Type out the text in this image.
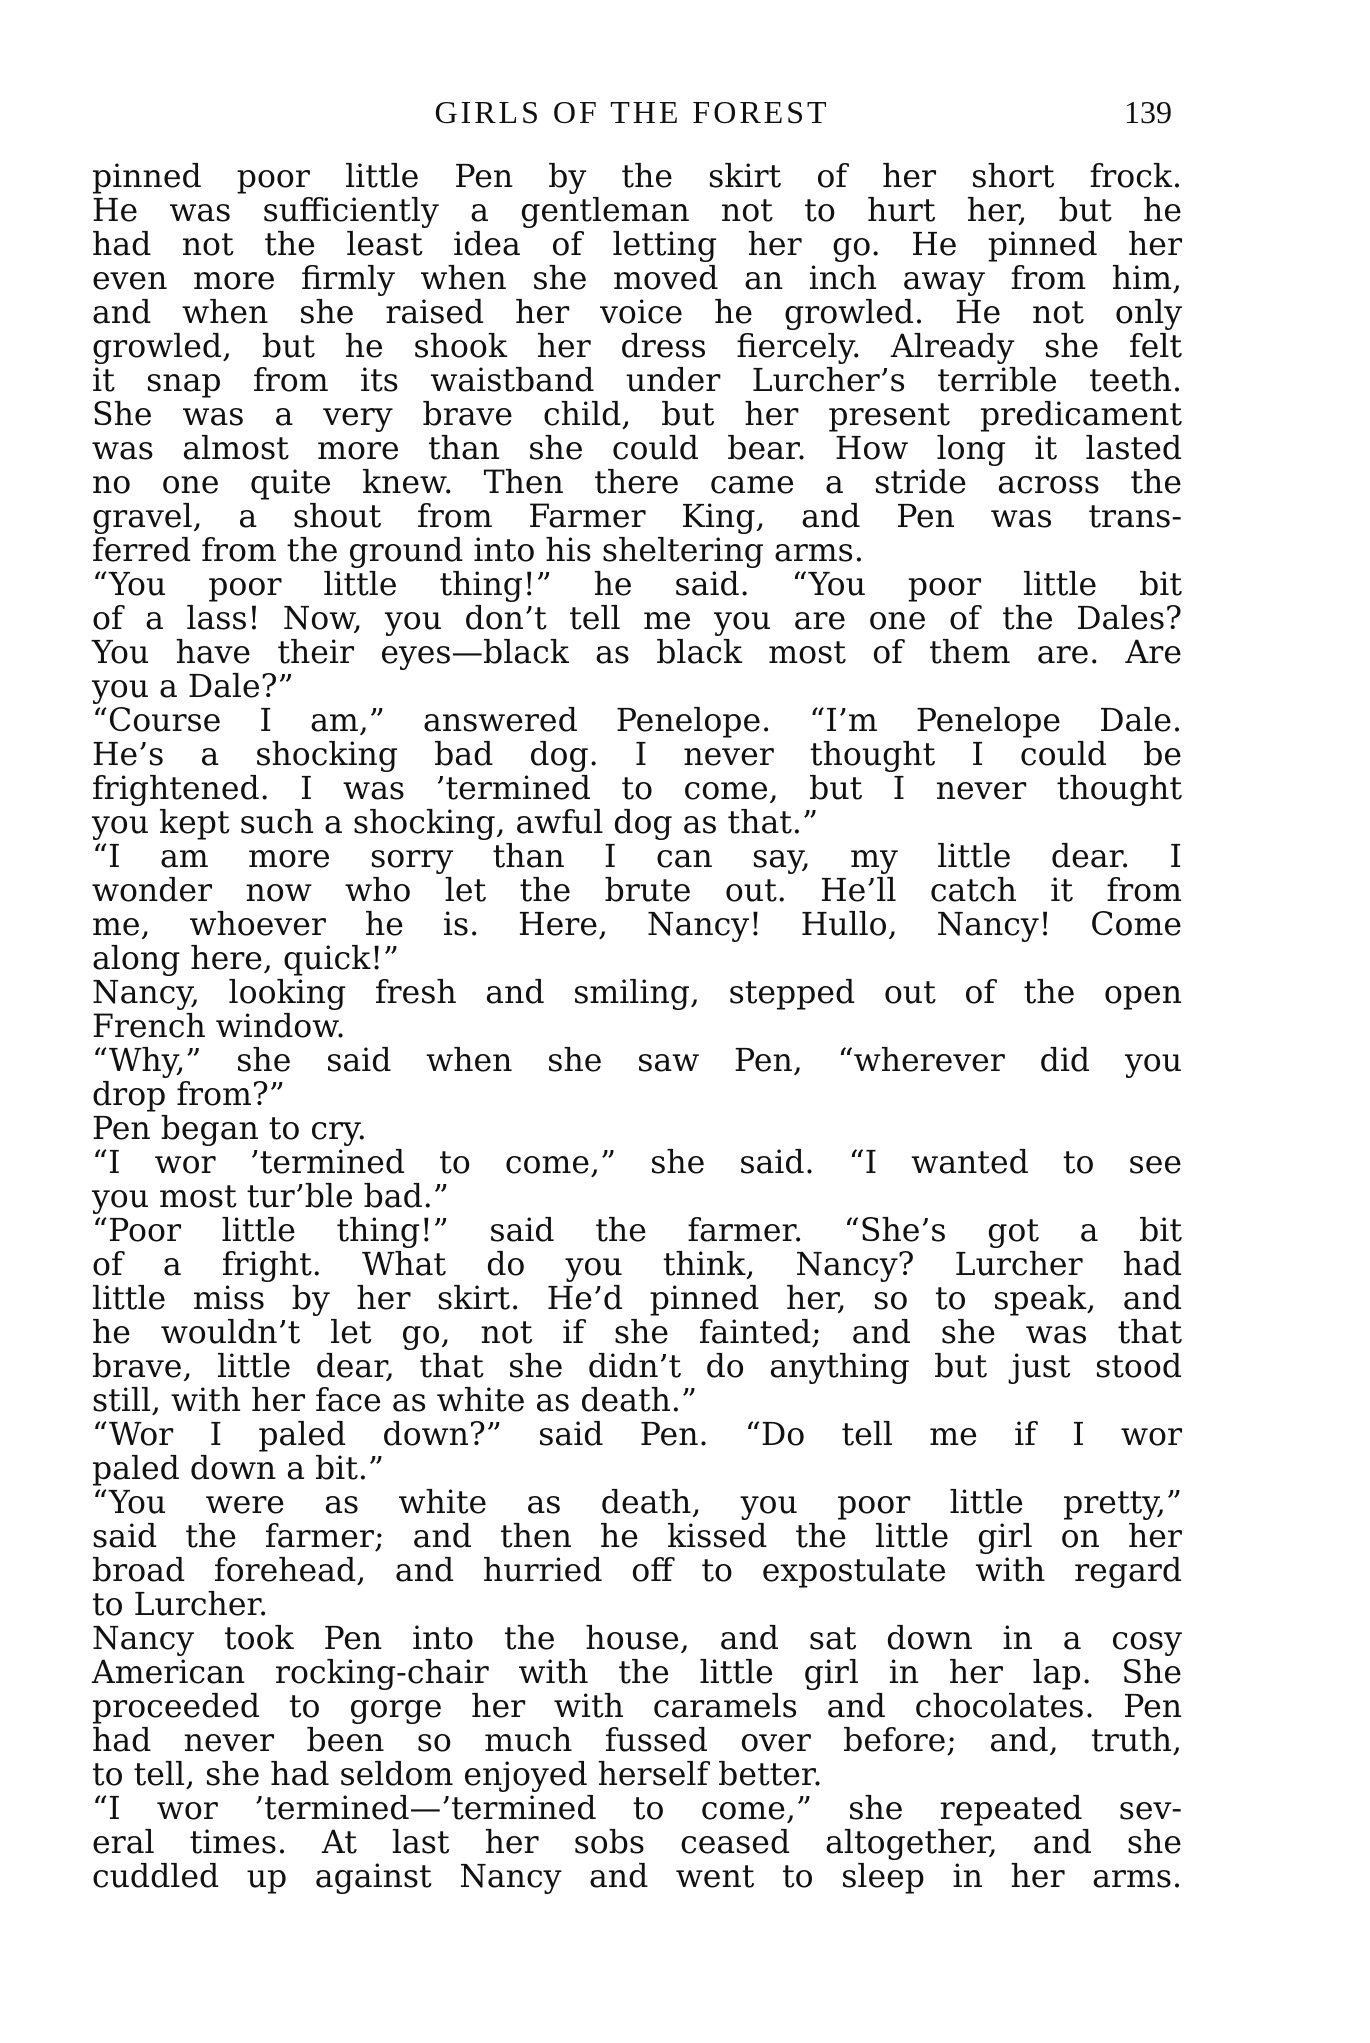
GIRLS OF THE FOREST	139
pinned poor little Pen by the skirt of her short frock.
He was sufficiently a gentleman not to hurt her, but he
had not the least idea of letting her go. He pinned her
even more firmly when she moved an inch away from him,
and when she raised her voice he growled. He not only
growled, but he shook her dress fiercely. Already she felt
it snap from its waistband under Lurcher’s terrible teeth.
She was a very brave child, but her present predicament
was almost more than she could bear. How long it lasted
no one quite knew. Then there came a stride across the
gravel, a shout from Farmer King, and Pen was trans-
ferred from the ground into his sheltering arms.
“You poor little thing!” he said. “You poor little bit
of a lass! Now, you don’t tell me you are one of the Dales?
You have their eyes—black as black most of them are. Are
you a Dale?”
“Course I am,” answered Penelope. “I’m Penelope Dale.
He’s a shocking bad dog. I never thought I could be
frightened. I was ’termined to come, but I never thought
you kept such a shocking, awful dog as that.”
“I am more sorry than I can say, my little dear. I
wonder now who let the brute out. He’ll catch it from
me, whoever he is. Here, Nancy! Hullo, Nancy! Come
along here, quick!”
Nancy, looking fresh and smiling, stepped out of the open
French window.
“Why,” she said when she saw Pen, “wherever did you
drop from?”
Pen began to cry.
“I wor ’termined to come,” she said. “I wanted to see
you most tur’ble bad.”
“Poor little thing!” said the farmer. “She’s got a bit
of a fright. What do you think, Nancy? Lurcher had
little miss by her skirt. He’d pinned her, so to speak, and
he wouldn’t let go, not if she fainted; and she was that
brave, little dear, that she didn’t do anything but just stood
still, with her face as white as death.”
“Wor I paled down?” said Pen. “Do tell me if I wor
paled down a bit.”
“You were as white as death, you poor little pretty,”
said the farmer; and then he kissed the little girl on her
broad forehead, and hurried off to expostulate with regard
to Lurcher.
Nancy took Pen into the house, and sat down in a cosy
American rocking-chair with the little girl in her lap. She
proceeded to gorge her with caramels and chocolates. Pen
had never been so much fussed over before; and, truth,
to tell, she had seldom enjoyed herself better.
“I wor ’termined—’termined to come,” she repeated sev-
eral times. At last her sobs ceased altogether, and she
cuddled up against Nancy and went to sleep in her arms.
